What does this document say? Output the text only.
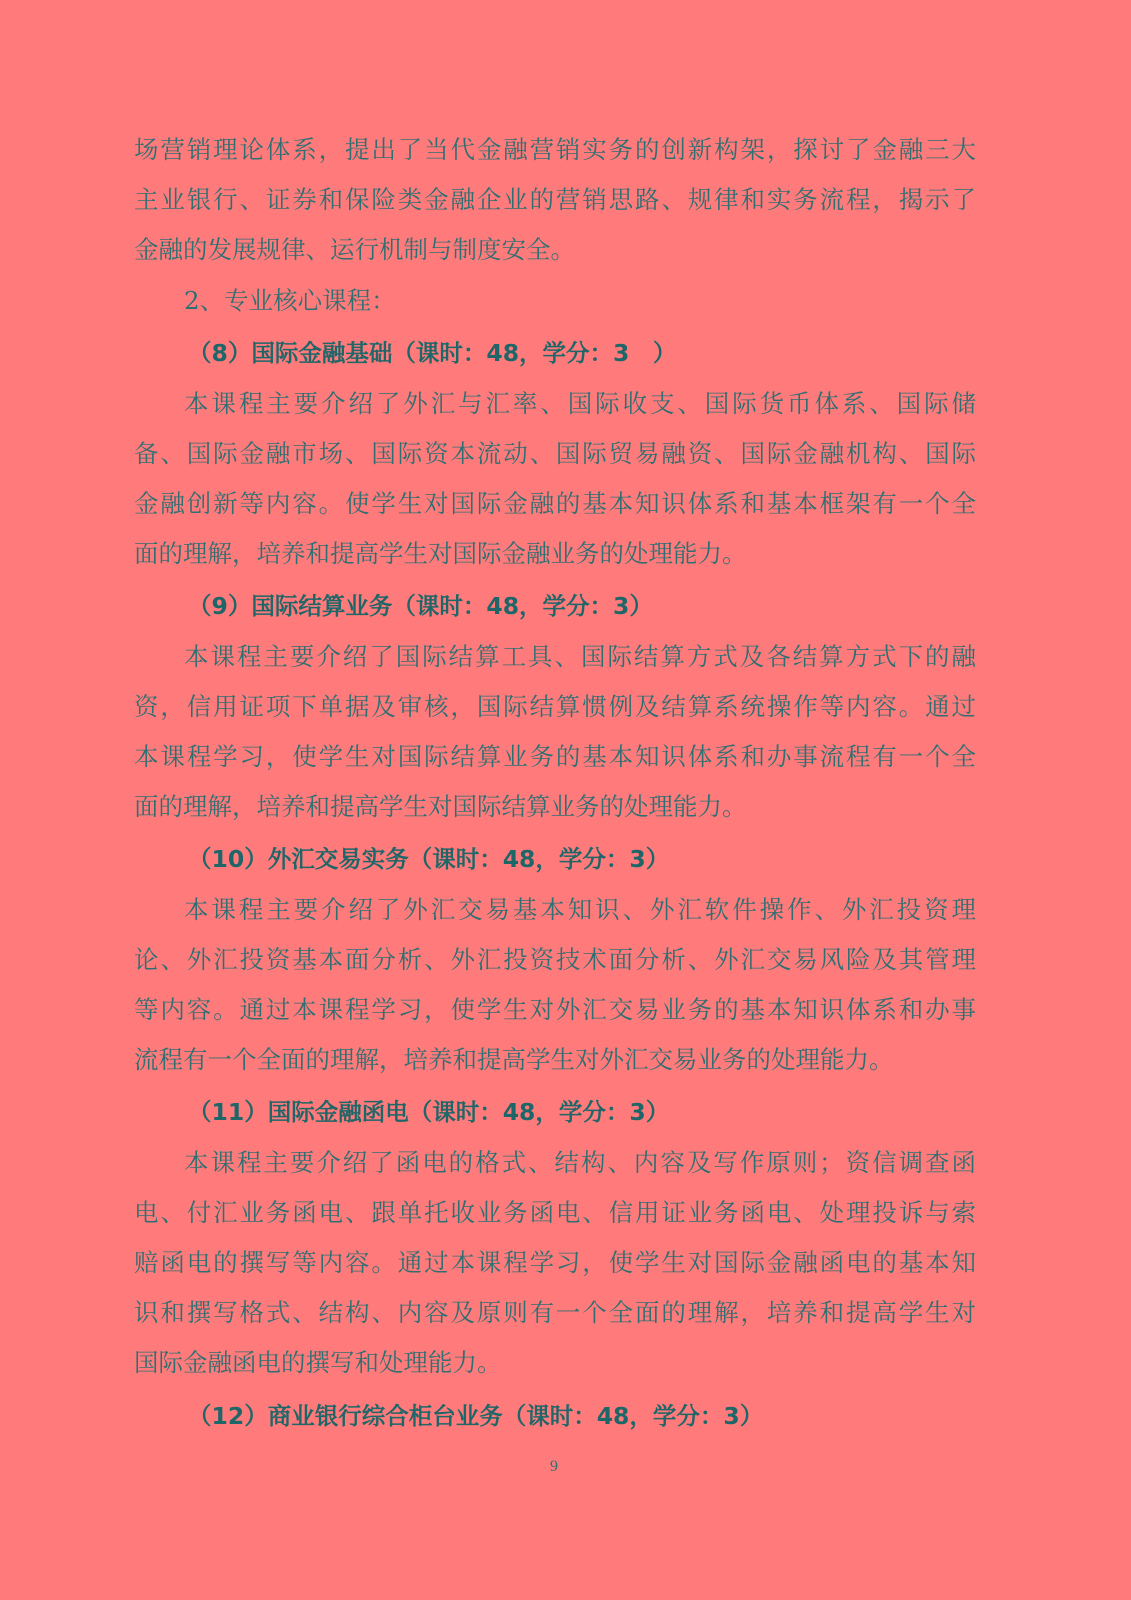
场营销理论体系，提出了当代金融营销实务的创新构架，探讨了金融三大
主业银行、证券和保险类金融企业的营销思路、规律和实务流程，揭示了
金融的发展规律、运行机制与制度安全。
2、专业核心课程：
（8）国际金融基础（课时：48，学分：3　）
本课程主要介绍了外汇与汇率、国际收支、国际货币体系、国际储
备、国际金融市场、国际资本流动、国际贸易融资、国际金融机构、国际
金融创新等内容。使学生对国际金融的基本知识体系和基本框架有一个全
面的理解，培养和提高学生对国际金融业务的处理能力。
（9）国际结算业务（课时：48，学分：3）
本课程主要介绍了国际结算工具、国际结算方式及各结算方式下的融
资，信用证项下单据及审核，国际结算惯例及结算系统操作等内容。通过
本课程学习，使学生对国际结算业务的基本知识体系和办事流程有一个全
面的理解，培养和提高学生对国际结算业务的处理能力。
（10）外汇交易实务（课时：48，学分：3）
本课程主要介绍了外汇交易基本知识、外汇软件操作、外汇投资理
论、外汇投资基本面分析、外汇投资技术面分析、外汇交易风险及其管理
等内容。通过本课程学习，使学生对外汇交易业务的基本知识体系和办事
流程有一个全面的理解，培养和提高学生对外汇交易业务的处理能力。
（11）国际金融函电（课时：48，学分：3）
本课程主要介绍了函电的格式、结构、内容及写作原则；资信调查函
电、付汇业务函电、跟单托收业务函电、信用证业务函电、处理投诉与索
赔函电的撰写等内容。通过本课程学习，使学生对国际金融函电的基本知
识和撰写格式、结构、内容及原则有一个全面的理解，培养和提高学生对
国际金融函电的撰写和处理能力。
（12）商业银行综合柜台业务（课时：48，学分：3）
9
